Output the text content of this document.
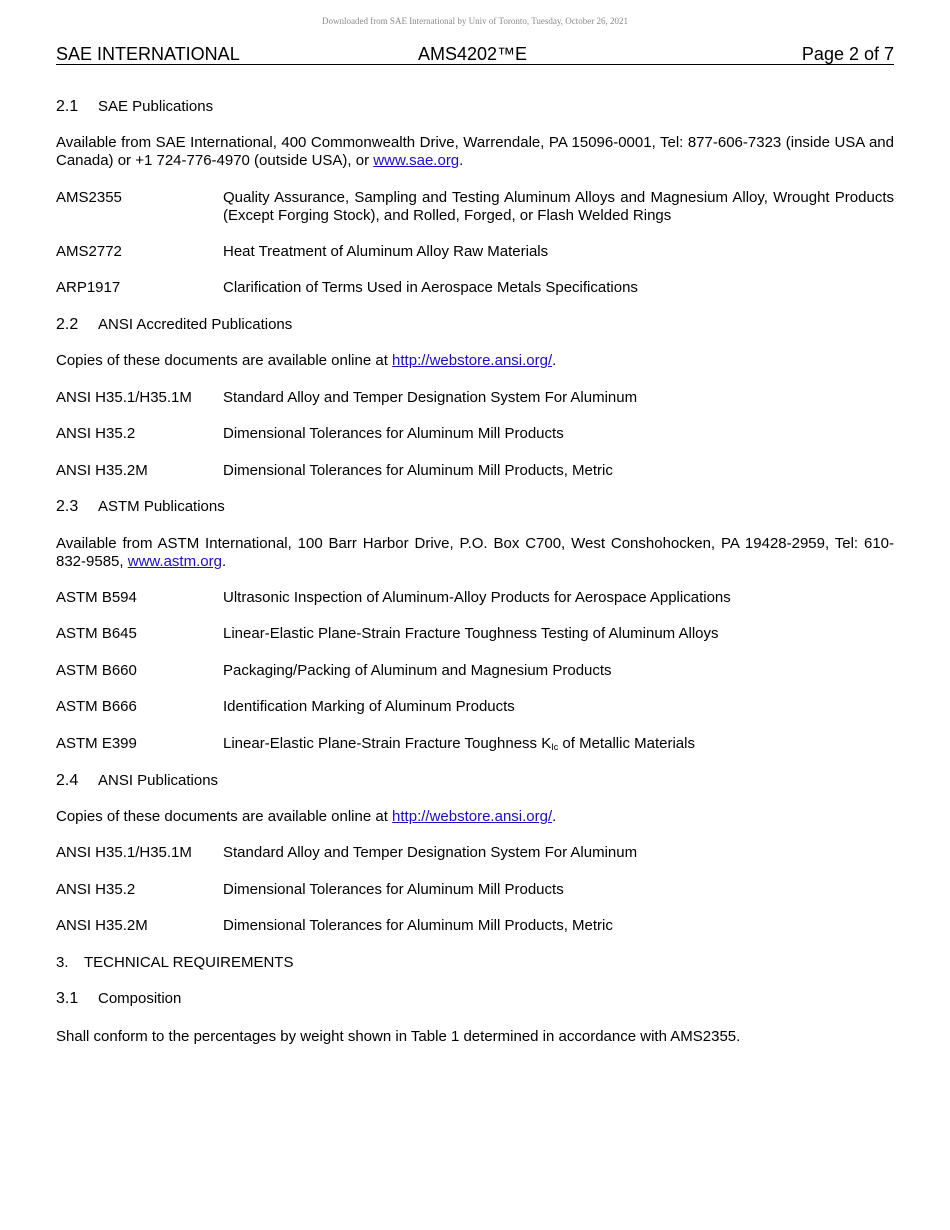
Downloaded from SAE International by Univ of Toronto, Tuesday, October 26, 2021
SAE INTERNATIONAL	AMS4202™E	Page 2 of 7
2.1 SAE Publications
Available from SAE International, 400 Commonwealth Drive, Warrendale, PA 15096-0001, Tel: 877-606-7323 (inside USA and Canada) or +1 724-776-4970 (outside USA), or www.sae.org.
AMS2355	Quality Assurance, Sampling and Testing Aluminum Alloys and Magnesium Alloy, Wrought Products (Except Forging Stock), and Rolled, Forged, or Flash Welded Rings
AMS2772	Heat Treatment of Aluminum Alloy Raw Materials
ARP1917	Clarification of Terms Used in Aerospace Metals Specifications
2.2 ANSI Accredited Publications
Copies of these documents are available online at http://webstore.ansi.org/.
ANSI H35.1/H35.1M	Standard Alloy and Temper Designation System For Aluminum
ANSI H35.2	Dimensional Tolerances for Aluminum Mill Products
ANSI H35.2M	Dimensional Tolerances for Aluminum Mill Products, Metric
2.3 ASTM Publications
Available from ASTM International, 100 Barr Harbor Drive, P.O. Box C700, West Conshohocken, PA 19428-2959, Tel: 610-832-9585, www.astm.org.
ASTM B594	Ultrasonic Inspection of Aluminum-Alloy Products for Aerospace Applications
ASTM B645	Linear-Elastic Plane-Strain Fracture Toughness Testing of Aluminum Alloys
ASTM B660	Packaging/Packing of Aluminum and Magnesium Products
ASTM B666	Identification Marking of Aluminum Products
ASTM E399	Linear-Elastic Plane-Strain Fracture Toughness $K_{Ic}$ of Metallic Materials
2.4 ANSI Publications
Copies of these documents are available online at http://webstore.ansi.org/.
ANSI H35.1/H35.1M	Standard Alloy and Temper Designation System For Aluminum
ANSI H35.2	Dimensional Tolerances for Aluminum Mill Products
ANSI H35.2M	Dimensional Tolerances for Aluminum Mill Products, Metric
3. TECHNICAL REQUIREMENTS
3.1 Composition
Shall conform to the percentages by weight shown in Table 1 determined in accordance with AMS2355.
